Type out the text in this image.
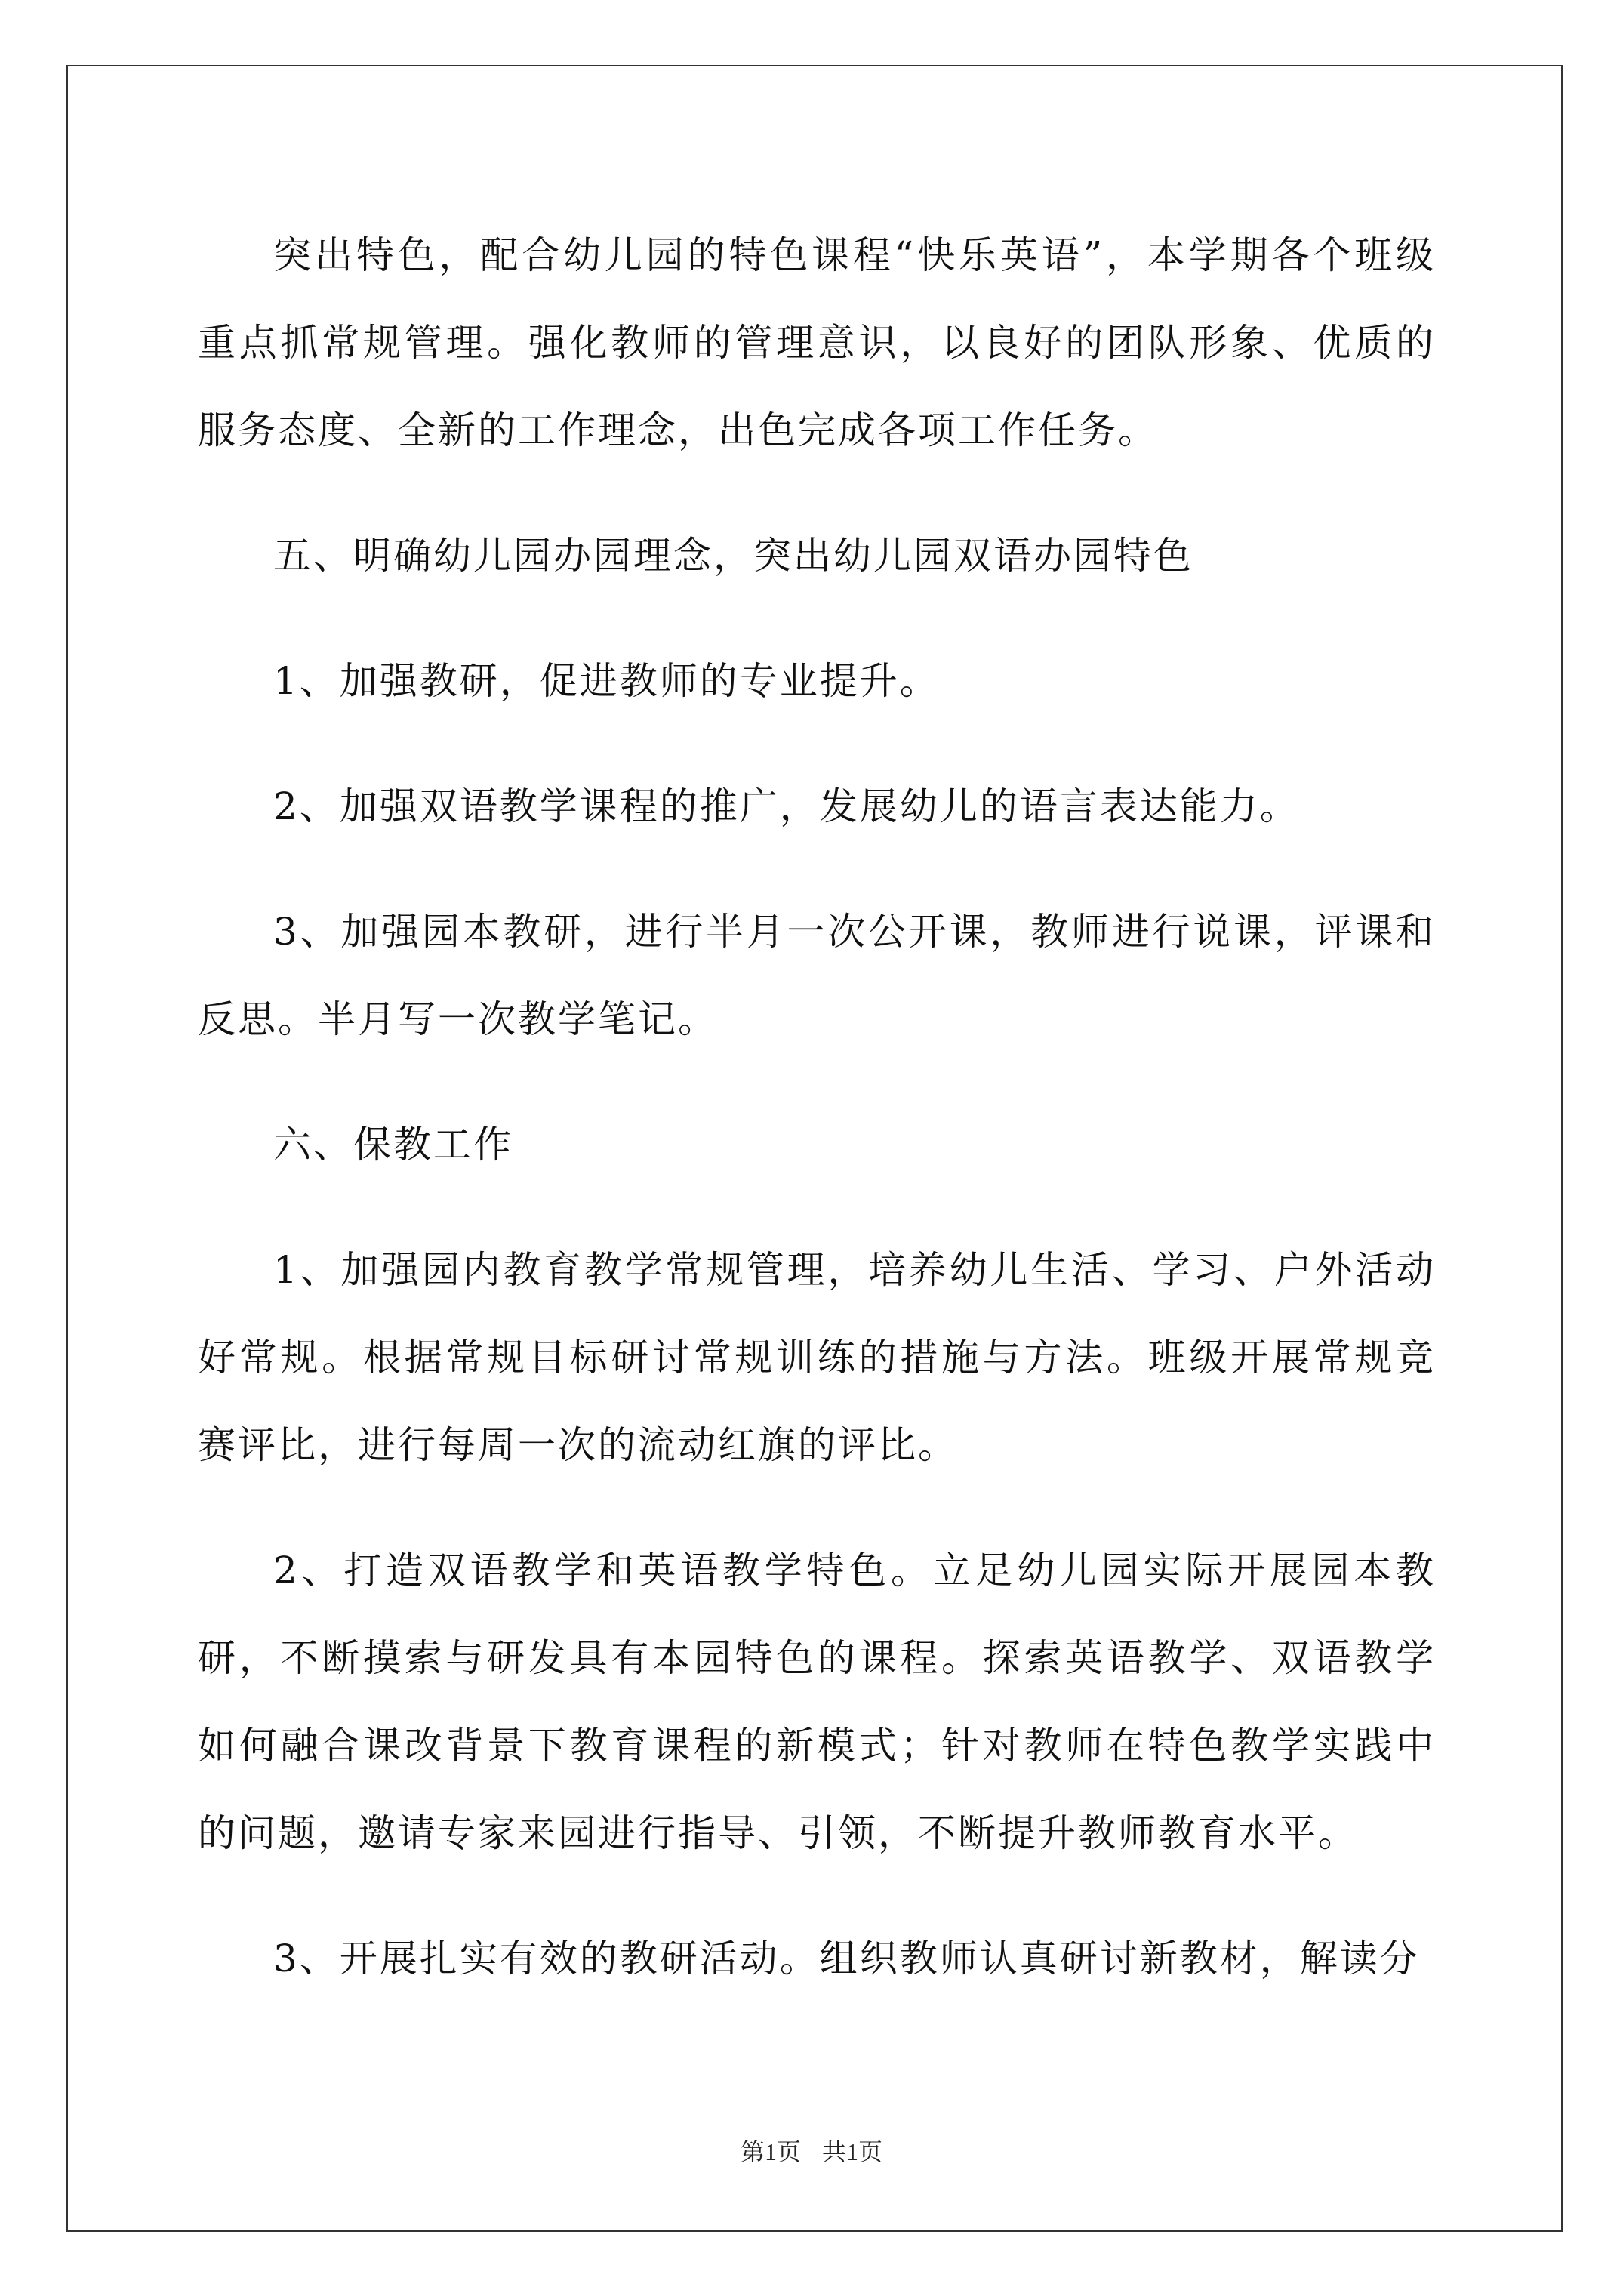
突出特色，配合幼儿园的特色课程“快乐英语”，本学期各个班级重点抓常规管理。强化教师的管理意识，以良好的团队形象、优质的服务态度、全新的工作理念，出色完成各项工作任务。

五、明确幼儿园办园理念，突出幼儿园双语办园特色

1、加强教研，促进教师的专业提升。

2、加强双语教学课程的推广，发展幼儿的语言表达能力。

3、加强园本教研，进行半月一次公开课，教师进行说课，评课和反思。半月写一次教学笔记。

六、保教工作

1、加强园内教育教学常规管理，培养幼儿生活、学习、户外活动好常规。根据常规目标研讨常规训练的措施与方法。班级开展常规竞赛评比，进行每周一次的流动红旗的评比。

2、打造双语教学和英语教学特色。立足幼儿园实际开展园本教研，不断摸索与研发具有本园特色的课程。探索英语教学、双语教学如何融合课改背景下教育课程的新模式；针对教师在特色教学实践中的问题，邀请专家来园进行指导、引领，不断提升教师教育水平。

3、开展扎实有效的教研活动。组织教师认真研讨新教材，解读分

第1页 共1页
